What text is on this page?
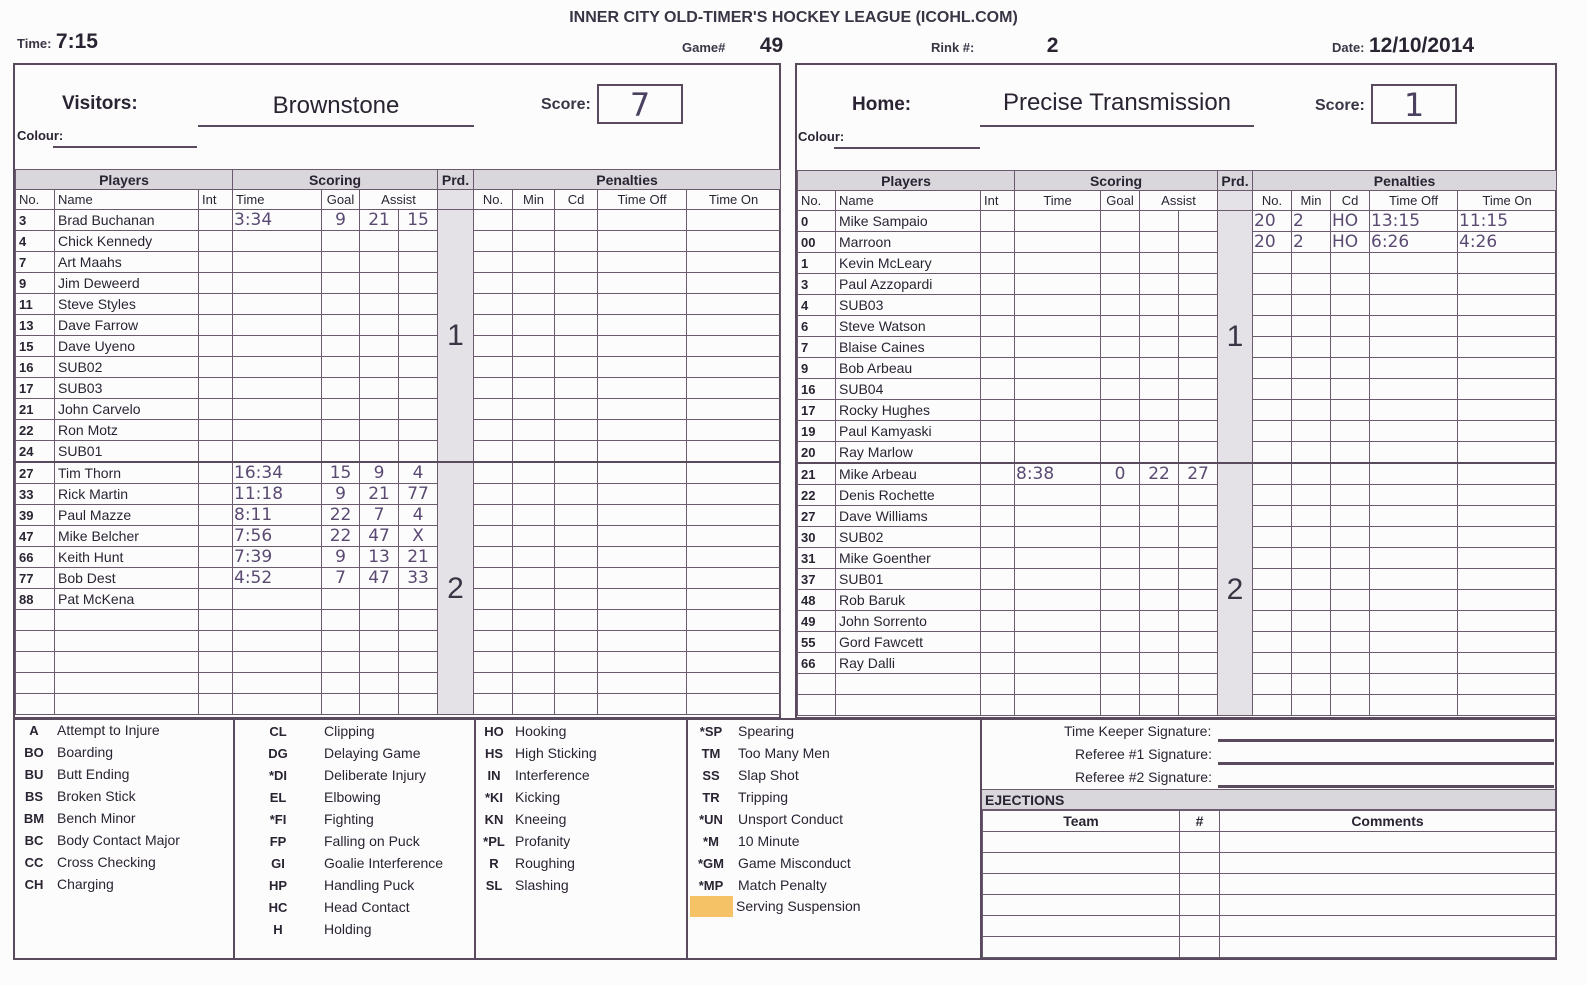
INNER CITY OLD-TIMER'S HOCKEY LEAGUE (ICOHL.COM)
Time: 7:15	Game# 49	Rink #:	2	Date: 12/10/2014
Visitors:	Brownstone	Score:	7
Colour:
Players			Scoring				Prd.	Penalties				
No.	Name	Int	Time	Goal	Assist			No.	Min	Cd	Time Off	Time On
3	Brad Buchanan		3:34	9	21	15	1					
4	Chick Kennedy											
7	Art Maahs											
9	Jim Deweerd											
11	Steve Styles											
13	Dave Farrow											
15	Dave Uyeno											
16	SUB02											
17	SUB03											
21	John Carvelo											
22	Ron Motz											
24	SUB01											
27	Tim Thorn		16:34	15	9	4	2					
33	Rick Martin		11:18	9	21	77						
39	Paul Mazze		8:11	22	7	4						
47	Mike Belcher		7:56	22	47	X						
66	Keith Hunt		7:39	9	13	21						
77	Bob Dest		4:52	7	47	33						
88	Pat McKena											

Home:	Precise Transmission	Score:	1
Colour:
Players			Scoring				Prd.	Penalties				
No.	Name	Int	Time	Goal	Assist			No.	Min	Cd	Time Off	Time On
0	Mike Sampaio						1	20	2	HO	13:15	11:15
00	Marroon							20	2	HO	6:26	4:26
1	Kevin McLeary											
3	Paul Azzopardi											
4	SUB03											
6	Steve Watson											
7	Blaise Caines											
9	Bob Arbeau											
16	SUB04											
17	Rocky Hughes											
19	Paul Kamyaski											
20	Ray Marlow											
21	Mike Arbeau		8:38	0	22	27	2					
22	Denis Rochette											
27	Dave Williams											
30	SUB02											
31	Mike Goenther											
37	SUB01											
48	Rob Baruk											
49	John Sorrento											
55	Gord Fawcett											
66	Ray Dalli											

A Attempt to Injure
BO Boarding
BU Butt Ending
BS Broken Stick
BM Bench Minor
BC Body Contact Major
CC Cross Checking
CH Charging
CL	Clipping
DG	Delaying Game
*DI	Deliberate Injury
EL	Elbowing
*FI	Fighting
FP	Falling on Puck
GI	Goalie Interference
HP	Handling Puck
HC	Head Contact
H	Holding
HO Hooking
HS High Sticking
IN Interference
*KI Kicking
KN Kneeing
*PL Profanity
R Roughing
SL Slashing
*SP Spearing
TM Too Many Men
SS Slap Shot
TR Tripping
*UN Unsport Conduct
*M 10 Minute
*GM Game Misconduct
*MP Match Penalty
Serving Suspension
Time Keeper Signature:
Referee #1 Signature:
Referee #2 Signature:
EJECTIONS
Team	#	Comments
